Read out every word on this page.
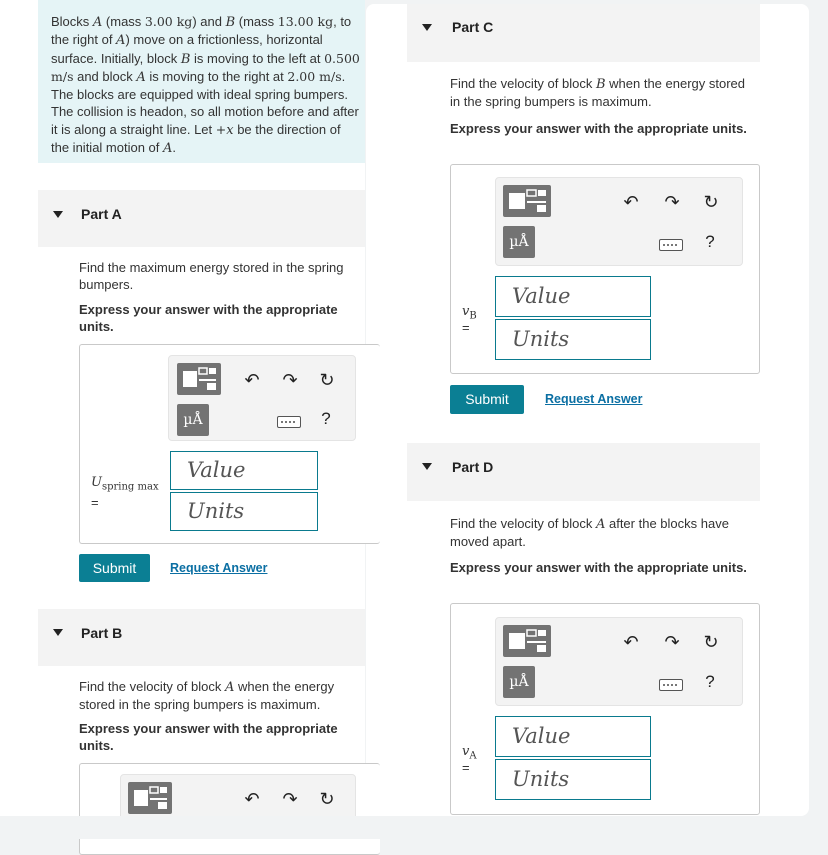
Blocks A (mass 3.00 kg) and B (mass 13.00 kg, to the right of A) move on a frictionless, horizontal surface. Initially, block B is moving to the left at 0.500 m/s and block A is moving to the right at 2.00 m/s. The blocks are equipped with ideal spring bumpers. The collision is headon, so all motion before and after it is along a straight line. Let +x be the direction of the initial motion of A.
Part A
Find the maximum energy stored in the spring bumpers.
Express your answer with the appropriate units.
µÅ
↶ ↷ ↻
?
$U_{spring max}$
=
Value
Units
Submit	Request Answer
Part B
Find the velocity of block A when the energy stored in the spring bumpers is maximum.
Express your answer with the appropriate units.
↶ ↷ ↻
Part C
Find the velocity of block B when the energy stored in the spring bumpers is maximum.
Express your answer with the appropriate units.
µÅ
↶ ↷ ↻
?
$v_B$
=
Value
Units
Submit	Request Answer
Part D
Find the velocity of block A after the blocks have moved apart.
Express your answer with the appropriate units.
µÅ
↶ ↷ ↻
?
$v_A$
=
Value
Units
